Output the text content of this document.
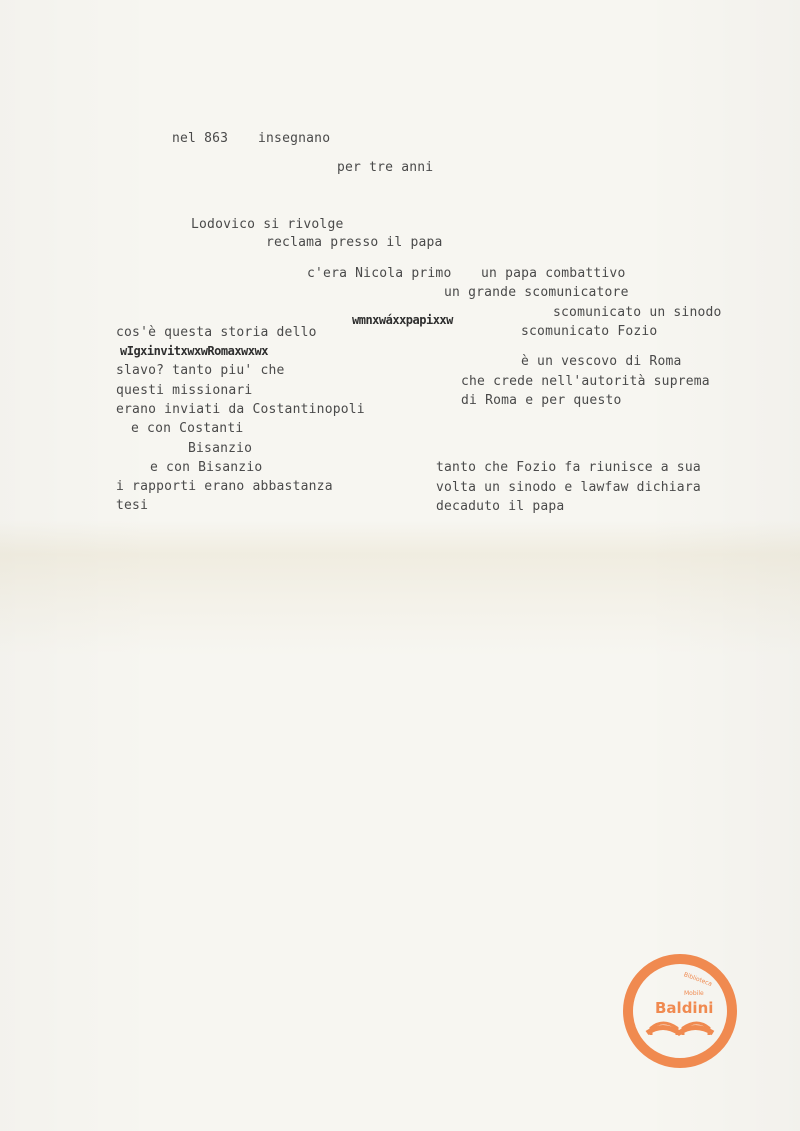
nel 863 insegnano
per tre anni
Lodovico si rivolge
reclama presso il papa
c'era Nicola primo un papa combattivo
un grande scomunicatore
scomunicato un sinodo
scomunicato Fozio
è un vescovo di Roma
che crede nell'autorità suprema
di Roma e per questo
tanto che Fozio fa riunisce a sua
volta un sinodo e lawfaw dichiara
decaduto il papa
wmnxwáxxpapixxw
cos'è questa storia dello
wIgxinvitxwxwRomaxwxwx
slavo? tanto piu' che
questi missionari
erano inviati da Costantinopoli
e con Costanti
Bisanzio
e con Bisanzio
i rapporti erano abbastanza
tesi
Biblioteca
Mobile
Baldini
